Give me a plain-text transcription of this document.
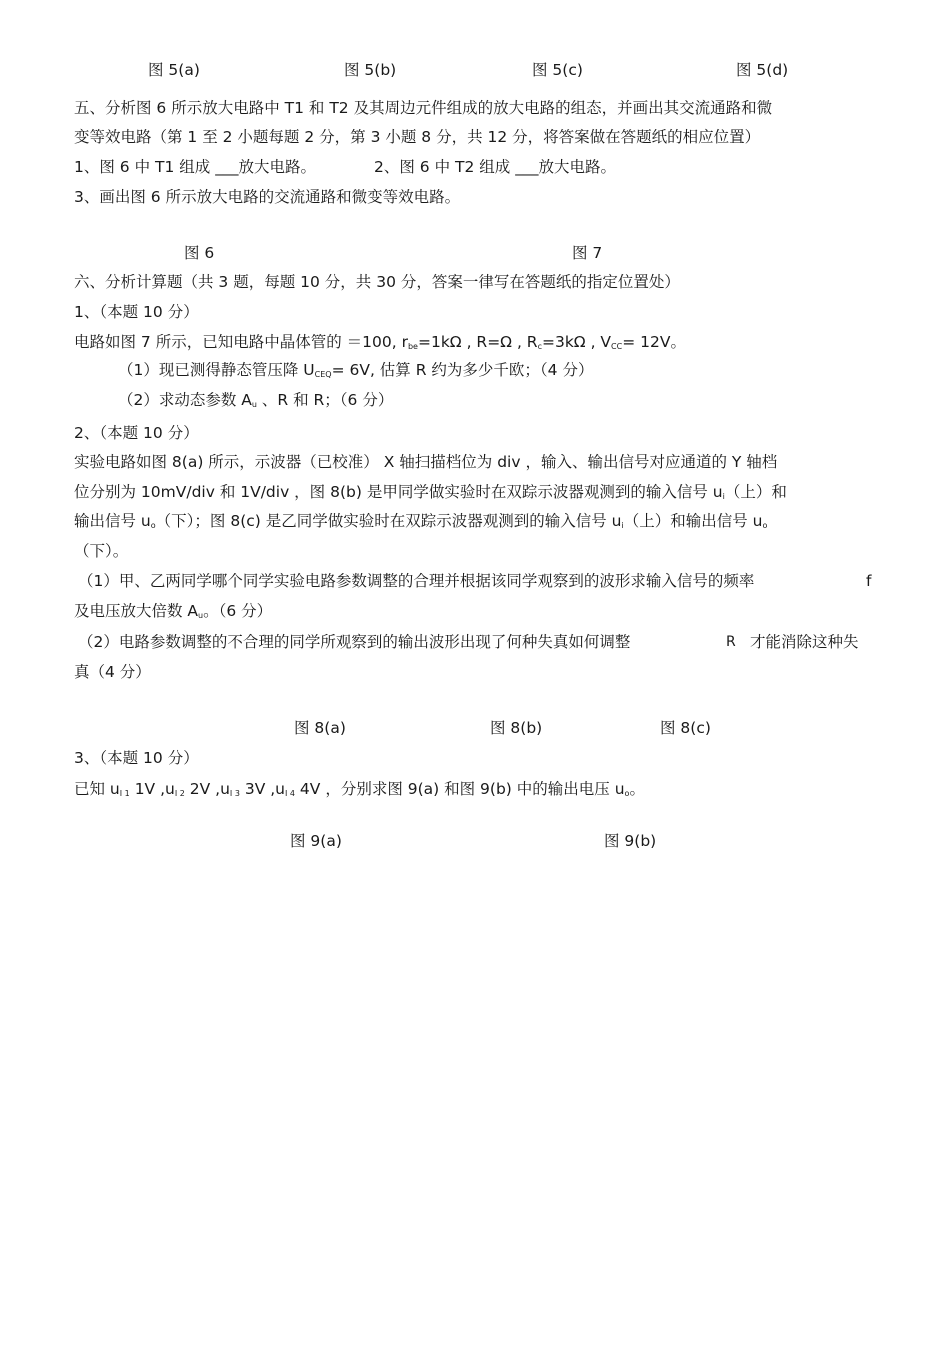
图 5(a)	图 5(b)	图 5(c)	图 5(d)
五、分析图 6 所示放大电路中 T1 和 T2 及其周边元件组成的放大电路的组态，并画出其交流通路和微
变等效电路（第 1 至 2 小题每题 2 分，第 3 小题 8 分，共 12 分，将答案做在答题纸的相应位置）
1、图 6 中 T1 组成 ___放大电路。	2、图 6 中 T2 组成 ___放大电路。
3、画出图 6 所示放大电路的交流通路和微变等效电路。
图 6	图 7
六、分析计算题（共 3 题，每题 10 分，共 30 分，答案一律写在答题纸的指定位置处）
1、（本题 10 分）
电路如图 7 所示，已知电路中晶体管的 ＝100, $r_{be}=1k\Omega$ , R=Ω , $R_c=3k\Omega$ , $V_{CC}= 12V$。
（1）现已测得静态管压降 $U_{CEQ}= 6V$, 估算 R 约为多少千欧；（4 分）
（2）求动态参数 $A_u$ 、R 和 R；（6 分）
2、（本题 10 分）
实验电路如图 8(a) 所示，示波器（已校准） X 轴扫描档位为 div ，输入、输出信号对应通道的 Y 轴档
位分别为 10mV/div 和 1V/div ，图 8(b) 是甲同学做实验时在双踪示波器观测到的输入信号 $u_i$（上）和
输出信号 $u_o$（下）；图 8(c) 是乙同学做实验时在双踪示波器观测到的输入信号 $u_i$（上）和输出信号 $u_o$
（下）。
（1）甲、乙两同学哪个同学实验电路参数调整的合理并根据该同学观察到的波形求输入信号的频率	f
及电压放大倍数 $A_u$。（6 分）
（2）电路参数调整的不合理的同学所观察到的输出波形出现了何种失真如何调整	R 才能消除这种失
真（4 分）
图 8(a)	图 8(b)	图 8(c)
3、（本题 10 分）
已知 $u_{I 1}$ 1V $,u_{I 2}$ 2V $,u_{I 3}$ 3V $,u_{I 4}$ 4V ，分别求图 9(a) 和图 9(b) 中的输出电压 $u_o$。
图 9(a)	图 9(b)
